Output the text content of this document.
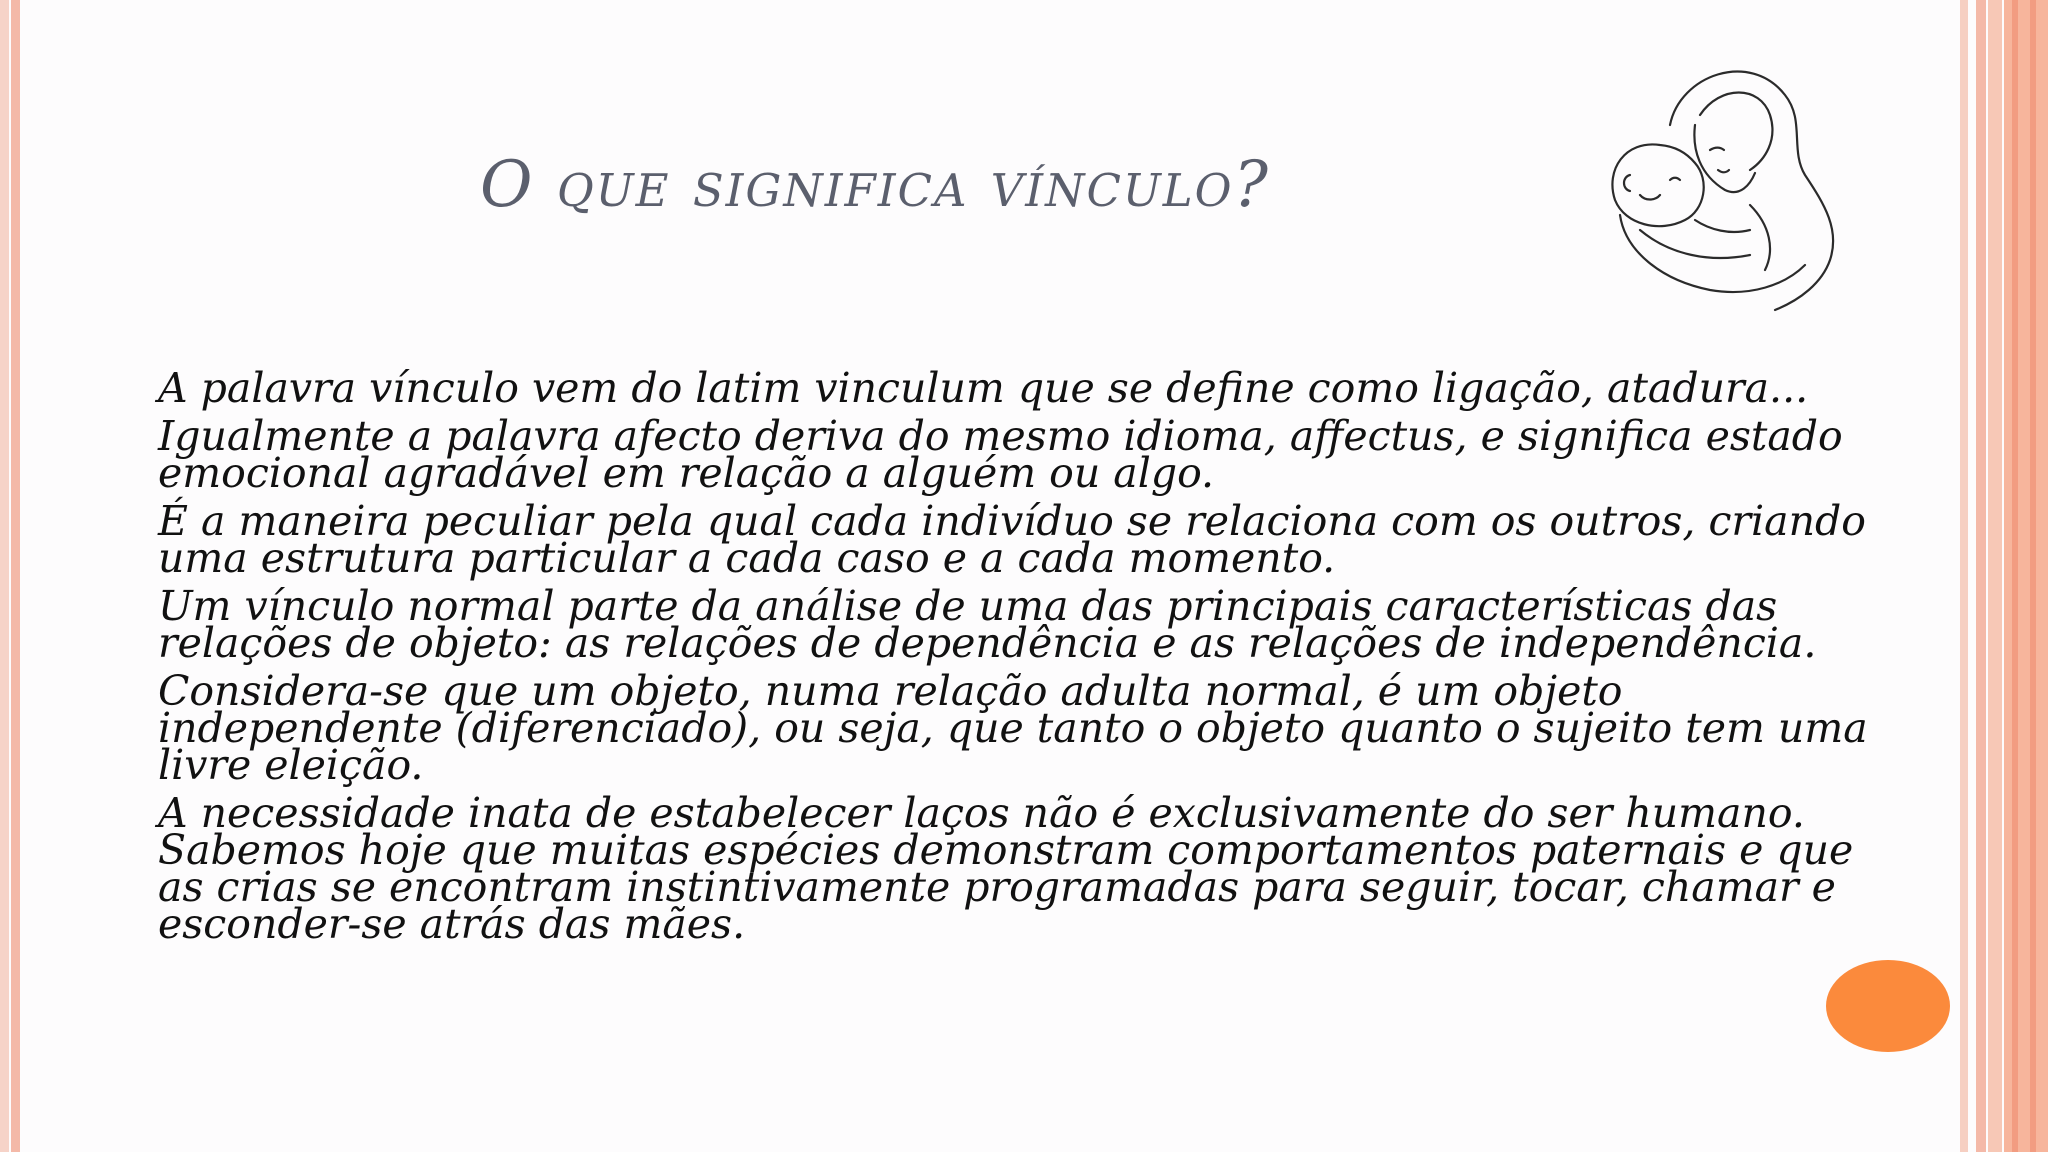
O que significa vínculo?

A palavra vínculo vem do latim vinculum que se define como ligação, atadura...

Igualmente a palavra afecto deriva do mesmo idioma, affectus, e significa estado emocional agradável em relação a alguém ou algo.

É a maneira peculiar pela qual cada indivíduo se relaciona com os outros, criando uma estrutura particular a cada caso e a cada momento.

Um vínculo normal parte da análise de uma das principais características das relações de objeto: as relações de dependência e as relações de independência.

Considera-se que um objeto, numa relação adulta normal, é um objeto independente (diferenciado), ou seja, que tanto o objeto quanto o sujeito tem uma livre eleição.

A necessidade inata de estabelecer laços não é exclusivamente do ser humano. Sabemos hoje que muitas espécies demonstram comportamentos paternais e que as crias se encontram instintivamente programadas para seguir, tocar, chamar e esconder-se atrás das mães.
